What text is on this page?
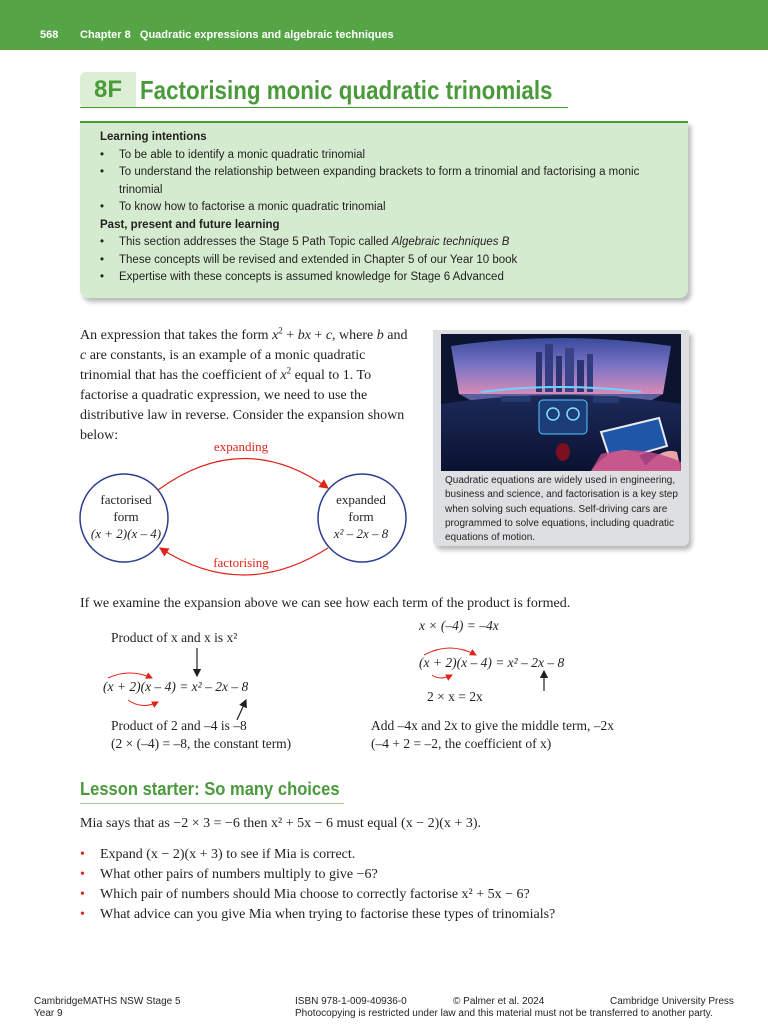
568 Chapter 8   Quadratic expressions and algebraic techniques
8F Factorising monic quadratic trinomials
Learning intentions
• To be able to identify a monic quadratic trinomial
• To understand the relationship between expanding brackets to form a trinomial and factorising a monic trinomial
• To know how to factorise a monic quadratic trinomial
Past, present and future learning
• This section addresses the Stage 5 Path Topic called Algebraic techniques B
• These concepts will be revised and extended in Chapter 5 of our Year 10 book
• Expertise with these concepts is assumed knowledge for Stage 6 Advanced
An expression that takes the form $x^2$ + bx + c, where b and c are constants, is an example of a monic quadratic trinomial that has the coefficient of $x^2$ equal to 1. To factorise a quadratic expression, we need to use the distributive law in reverse. Consider the expansion shown below:
Quadratic equations are widely used in engineering, business and science, and factorisation is a key step when solving such equations. Self-driving cars are programmed to solve equations, including quadratic equations of motion.
expanding
factorising
factorised
form
(x + 2)(x – 4)
expanded
form
x² – 2x – 8
If we examine the expansion above we can see how each term of the product is formed.
Product of x and x is x²
(x + 2)(x – 4) = x² – 2x – 8
Product of 2 and –4 is –8
(2 × (–4) = –8, the constant term)
x × (–4) = –4x
(x + 2)(x – 4) = x² – 2x – 8
2 × x = 2x
Add –4x and 2x to give the middle term, –2x
(–4 + 2 = –2, the coefficient of x)
Lesson starter: So many choices
Mia says that as −2 × 3 = −6 then x² + 5x − 6 must equal (x − 2)(x + 3).
• Expand (x − 2)(x + 3) to see if Mia is correct.
• What other pairs of numbers multiply to give −6?
• Which pair of numbers should Mia choose to correctly factorise x² + 5x − 6?
• What advice can you give Mia when trying to factorise these types of trinomials?
CambridgeMATHS NSW Stage 5
Year 9
ISBN 978-1-009-40936-0	© Palmer et al. 2024	Cambridge University Press
Photocopying is restricted under law and this material must not be transferred to another party.
